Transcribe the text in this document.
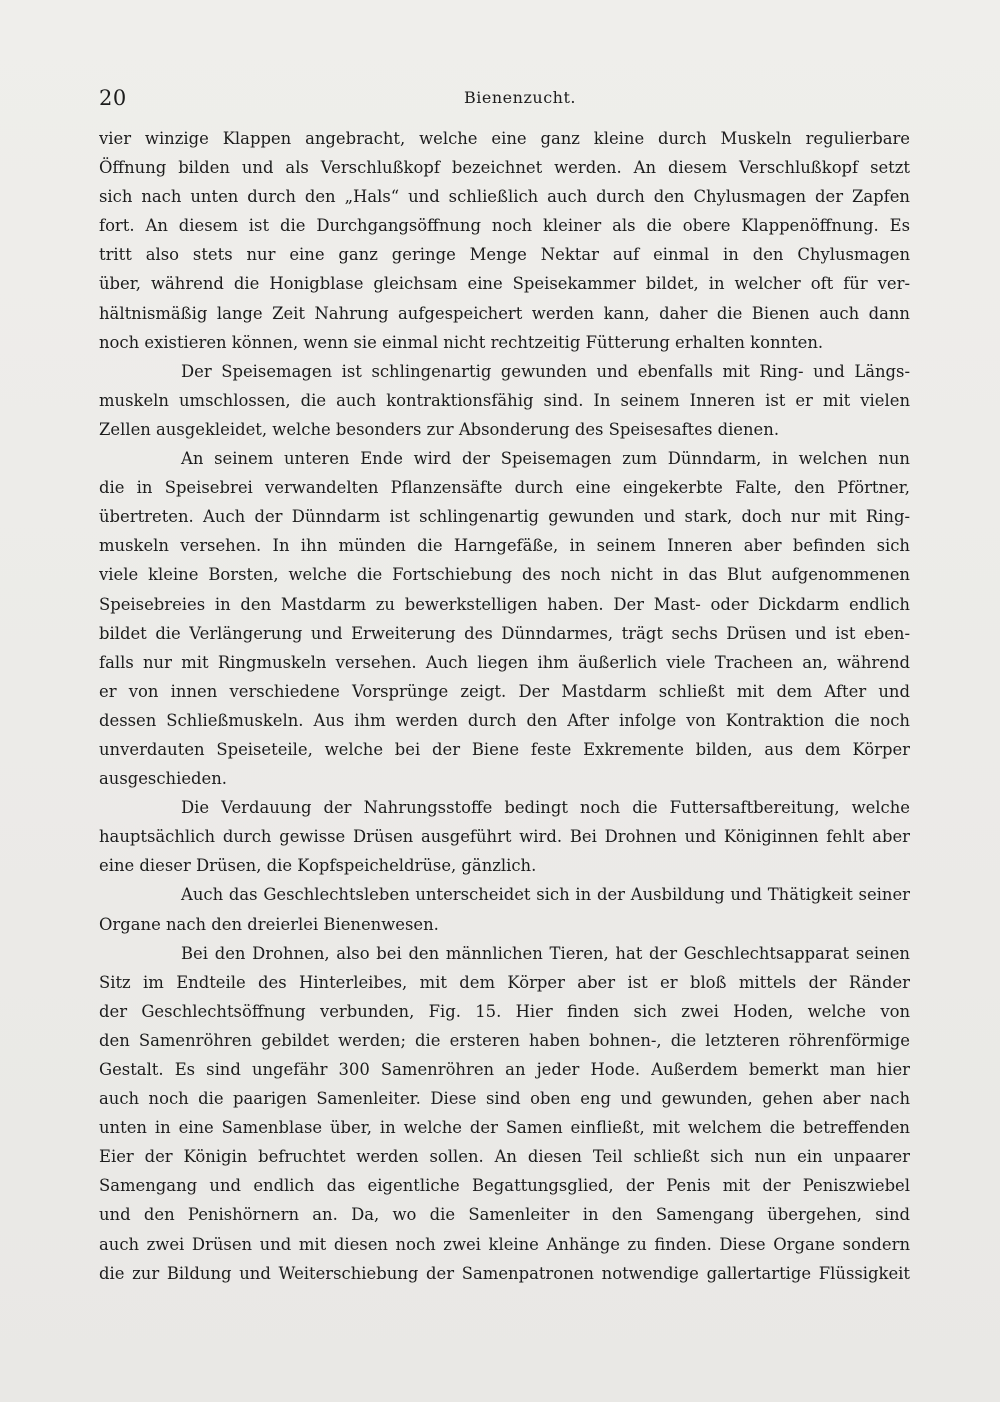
20	Bienenzucht.
vier winzige Klappen angebracht, welche eine ganz kleine durch Muskeln regulierbare
Öffnung bilden und als Verschlußkopf bezeichnet werden. An diesem Verschlußkopf setzt
sich nach unten durch den „Hals“ und schließlich auch durch den Chylusmagen der Zapfen
fort. An diesem ist die Durchgangsöffnung noch kleiner als die obere Klappenöffnung. Es
tritt also stets nur eine ganz geringe Menge Nektar auf einmal in den Chylusmagen
über, während die Honigblase gleichsam eine Speisekammer bildet, in welcher oft für ver-
hältnismäßig lange Zeit Nahrung aufgespeichert werden kann, daher die Bienen auch dann
noch existieren können, wenn sie einmal nicht rechtzeitig Fütterung erhalten konnten.
Der Speisemagen ist schlingenartig gewunden und ebenfalls mit Ring- und Längs-
muskeln umschlossen, die auch kontraktionsfähig sind. In seinem Inneren ist er mit vielen
Zellen ausgekleidet, welche besonders zur Absonderung des Speisesaftes dienen.
An seinem unteren Ende wird der Speisemagen zum Dünndarm, in welchen nun
die in Speisebrei verwandelten Pflanzensäfte durch eine eingekerbte Falte, den Pförtner,
übertreten. Auch der Dünndarm ist schlingenartig gewunden und stark, doch nur mit Ring-
muskeln versehen. In ihn münden die Harngefäße, in seinem Inneren aber befinden sich
viele kleine Borsten, welche die Fortschiebung des noch nicht in das Blut aufgenommenen
Speisebreies in den Mastdarm zu bewerkstelligen haben. Der Mast- oder Dickdarm endlich
bildet die Verlängerung und Erweiterung des Dünndarmes, trägt sechs Drüsen und ist eben-
falls nur mit Ringmuskeln versehen. Auch liegen ihm äußerlich viele Tracheen an, während
er von innen verschiedene Vorsprünge zeigt. Der Mastdarm schließt mit dem After und
dessen Schließmuskeln. Aus ihm werden durch den After infolge von Kontraktion die noch
unverdauten Speiseteile, welche bei der Biene feste Exkremente bilden, aus dem Körper
ausgeschieden.
Die Verdauung der Nahrungsstoffe bedingt noch die Futtersaftbereitung, welche
hauptsächlich durch gewisse Drüsen ausgeführt wird. Bei Drohnen und Königinnen fehlt aber
eine dieser Drüsen, die Kopfspeicheldrüse, gänzlich.
Auch das Geschlechtsleben unterscheidet sich in der Ausbildung und Thätigkeit seiner
Organe nach den dreierlei Bienenwesen.
Bei den Drohnen, also bei den männlichen Tieren, hat der Geschlechtsapparat seinen
Sitz im Endteile des Hinterleibes, mit dem Körper aber ist er bloß mittels der Ränder
der Geschlechtsöffnung verbunden, Fig. 15. Hier finden sich zwei Hoden, welche von
den Samenröhren gebildet werden; die ersteren haben bohnen-, die letzteren röhrenförmige
Gestalt. Es sind ungefähr 300 Samenröhren an jeder Hode. Außerdem bemerkt man hier
auch noch die paarigen Samenleiter. Diese sind oben eng und gewunden, gehen aber nach
unten in eine Samenblase über, in welche der Samen einfließt, mit welchem die betreffenden
Eier der Königin befruchtet werden sollen. An diesen Teil schließt sich nun ein unpaarer
Samengang und endlich das eigentliche Begattungsglied, der Penis mit der Peniszwiebel
und den Penishörnern an. Da, wo die Samenleiter in den Samengang übergehen, sind
auch zwei Drüsen und mit diesen noch zwei kleine Anhänge zu finden. Diese Organe sondern
die zur Bildung und Weiterschiebung der Samenpatronen notwendige gallertartige Flüssigkeit
